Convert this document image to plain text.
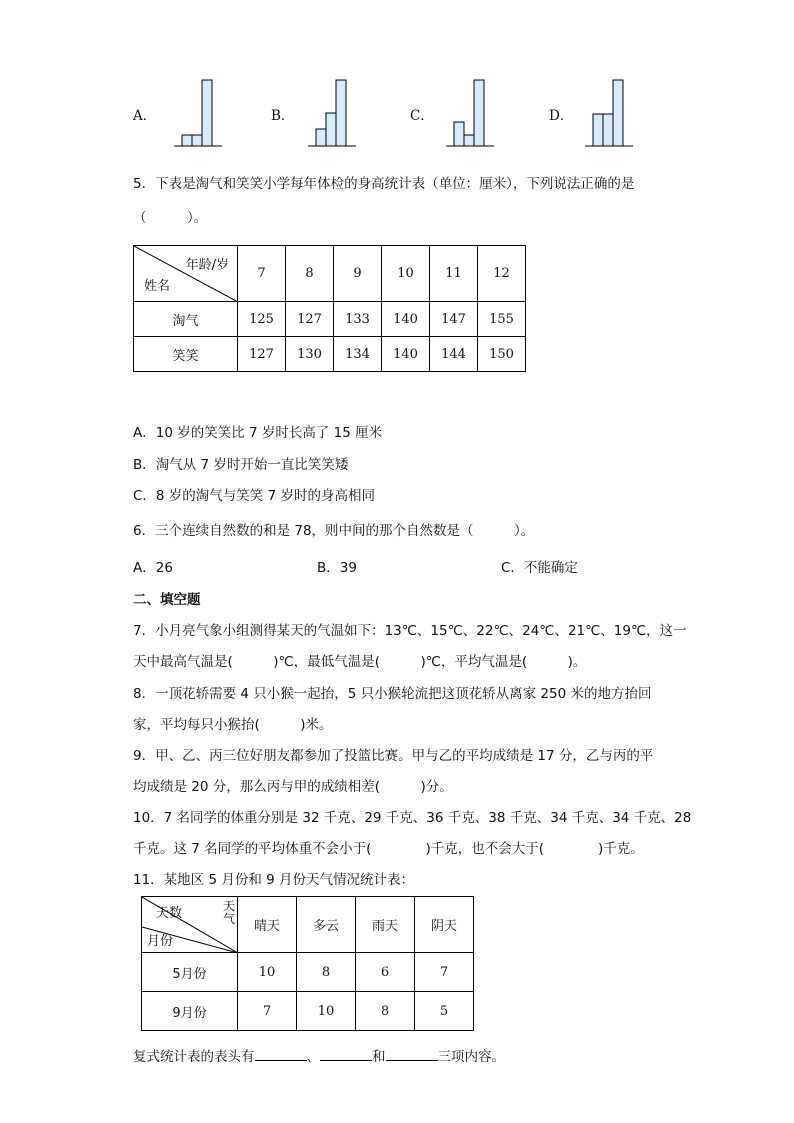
A．	B．	C．	D．
5．下表是淘气和笑笑小学每年体检的身高统计表（单位：厘米），下列说法正确的是
（　　　）。
年龄/岁
姓名	7	8	9	10	11	12
淘气	125	127	133	140	147	155
笑笑	127	130	134	140	144	150
A．10 岁的笑笑比 7 岁时长高了 15 厘米
B．淘气从 7 岁时开始一直比笑笑矮
C．8 岁的淘气与笑笑 7 岁时的身高相同
6．三个连续自然数的和是 78，则中间的那个自然数是（　　　）。
A．26	B．39	C．不能确定
二、填空题
7．小月亮气象小组测得某天的气温如下：13℃、15℃、22℃、24℃、21℃、19℃，这一
天中最高气温是(　　　)℃，最低气温是(　　　)℃，平均气温是(　　　)。
8．一顶花轿需要 4 只小猴一起抬，5 只小猴轮流把这顶花轿从离家 250 米的地方抬回
家，平均每只小猴抬(　　　)米。
9．甲、乙、丙三位好朋友都参加了投篮比赛。甲与乙的平均成绩是 17 分，乙与丙的平
均成绩是 20 分，那么丙与甲的成绩相差(　　　)分。
10．7 名同学的体重分别是 32 千克、29 千克、36 千克、38 千克、34 千克、34 千克、28
千克。这 7 名同学的平均体重不会小于(　　　　)千克，也不会大于(　　　　)千克。
11．某地区 5 月份和 9 月份天气情况统计表：
天数 天
气
月份	晴天	多云	雨天	阴天
5月份	10	8	6	7
9月份	7	10	8	5
复式统计表的表头有	、	和	三项内容。
